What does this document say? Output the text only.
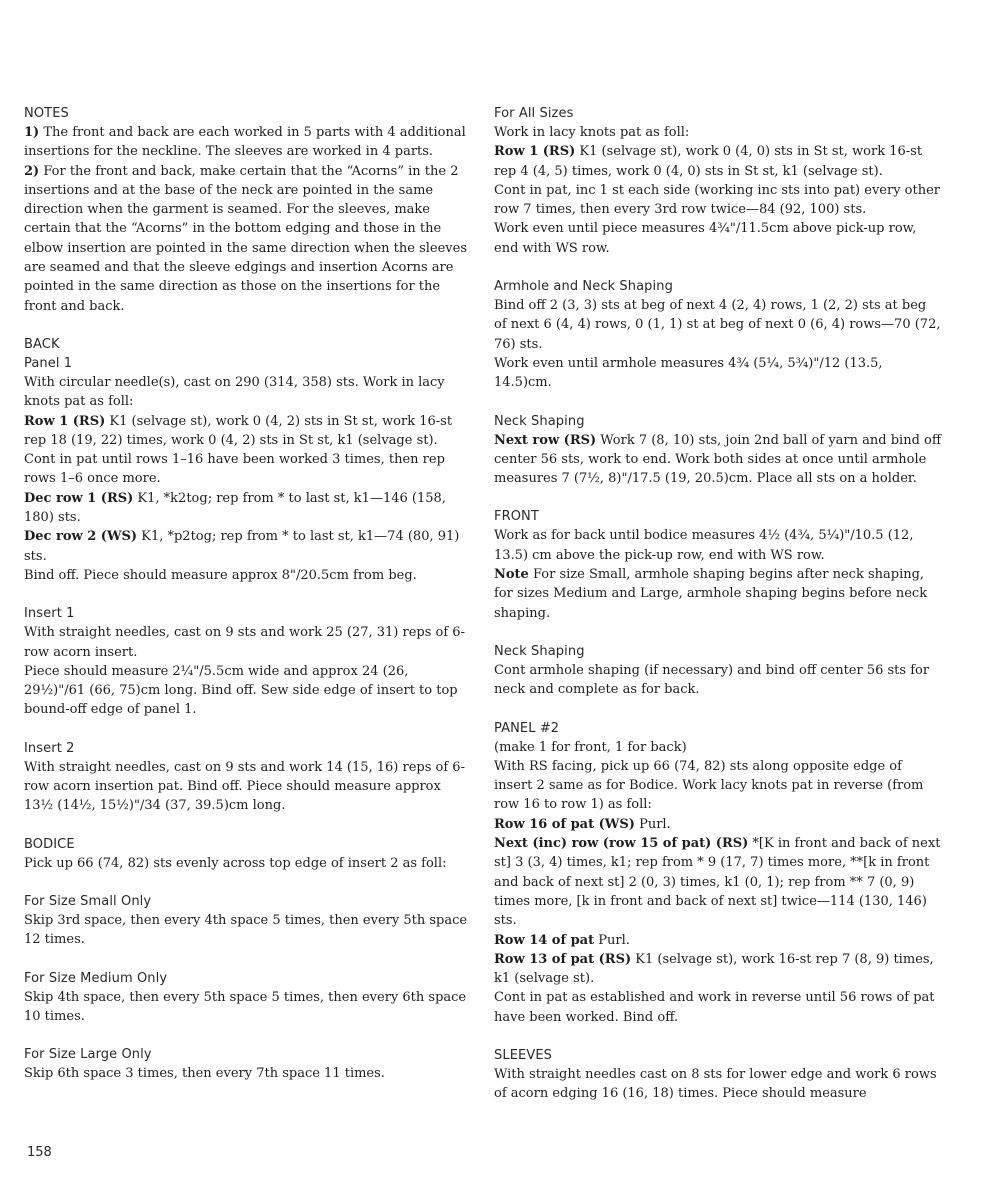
NOTES

1) The front and back are each worked in 5 parts with 4 additional insertions for the neckline. The sleeves are worked in 4 parts.

2) For the front and back, make certain that the “Acorns” in the 2 insertions and at the base of the neck are pointed in the same direction when the garment is seamed. For the sleeves, make certain that the “Acorns” in the bottom edging and those in the elbow insertion are pointed in the same direction when the sleeves are seamed and that the sleeve edgings and insertion Acorns are pointed in the same direction as those on the insertions for the front and back.

BACK

Panel 1

With circular needle(s), cast on 290 (314, 358) sts. Work in lacy knots pat as foll:

Row 1 (RS) K1 (selvage st), work 0 (4, 2) sts in St st, work 16-st rep 18 (19, 22) times, work 0 (4, 2) sts in St st, k1 (selvage st).

Cont in pat until rows 1–16 have been worked 3 times, then rep rows 1–6 once more.

Dec row 1 (RS) K1, *k2tog; rep from * to last st, k1—146 (158, 180) sts.

Dec row 2 (WS) K1, *p2tog; rep from * to last st, k1—74 (80, 91) sts.

Bind off. Piece should measure approx 8"/20.5cm from beg.

Insert 1

With straight needles, cast on 9 sts and work 25 (27, 31) reps of 6-row acorn insert.

Piece should measure 2¼"/5.5cm wide and approx 24 (26, 29½)"/61 (66, 75)cm long. Bind off. Sew side edge of insert to top bound-off edge of panel 1.

Insert 2

With straight needles, cast on 9 sts and work 14 (15, 16) reps of 6-row acorn insertion pat. Bind off. Piece should measure approx 13½ (14½, 15½)"/34 (37, 39.5)cm long.

BODICE

Pick up 66 (74, 82) sts evenly across top edge of insert 2 as foll:

For Size Small Only

Skip 3rd space, then every 4th space 5 times, then every 5th space 12 times.

For Size Medium Only

Skip 4th space, then every 5th space 5 times, then every 6th space 10 times.

For Size Large Only

Skip 6th space 3 times, then every 7th space 11 times.

For All Sizes

Work in lacy knots pat as foll:

Row 1 (RS) K1 (selvage st), work 0 (4, 0) sts in St st, work 16-st rep 4 (4, 5) times, work 0 (4, 0) sts in St st, k1 (selvage st).

Cont in pat, inc 1 st each side (working inc sts into pat) every other row 7 times, then every 3rd row twice—84 (92, 100) sts.

Work even until piece measures 4¾"/11.5cm above pick-up row, end with WS row.

Armhole and Neck Shaping

Bind off 2 (3, 3) sts at beg of next 4 (2, 4) rows, 1 (2, 2) sts at beg of next 6 (4, 4) rows, 0 (1, 1) st at beg of next 0 (6, 4) rows—70 (72, 76) sts.

Work even until armhole measures 4¾ (5¼, 5¾)"/12 (13.5, 14.5)cm.

Neck Shaping

Next row (RS) Work 7 (8, 10) sts, join 2nd ball of yarn and bind off center 56 sts, work to end. Work both sides at once until armhole measures 7 (7½, 8)"/17.5 (19, 20.5)cm. Place all sts on a holder.

FRONT

Work as for back until bodice measures 4½ (4¾, 5¼)"/10.5 (12, 13.5) cm above the pick-up row, end with WS row.

Note For size Small, armhole shaping begins after neck shaping, for sizes Medium and Large, armhole shaping begins before neck shaping.

Neck Shaping

Cont armhole shaping (if necessary) and bind off center 56 sts for neck and complete as for back.

PANEL #2

(make 1 for front, 1 for back)

With RS facing, pick up 66 (74, 82) sts along opposite edge of insert 2 same as for Bodice. Work lacy knots pat in reverse (from row 16 to row 1) as foll:

Row 16 of pat (WS) Purl.

Next (inc) row (row 15 of pat) (RS) *[K in front and back of next st] 3 (3, 4) times, k1; rep from * 9 (17, 7) times more, **[k in front and back of next st] 2 (0, 3) times, k1 (0, 1); rep from ** 7 (0, 9) times more, [k in front and back of next st] twice—114 (130, 146) sts.

Row 14 of pat Purl.

Row 13 of pat (RS) K1 (selvage st), work 16-st rep 7 (8, 9) times, k1 (selvage st).

Cont in pat as established and work in reverse until 56 rows of pat have been worked. Bind off.

SLEEVES

With straight needles cast on 8 sts for lower edge and work 6 rows of acorn edging 16 (16, 18) times. Piece should measure

158
